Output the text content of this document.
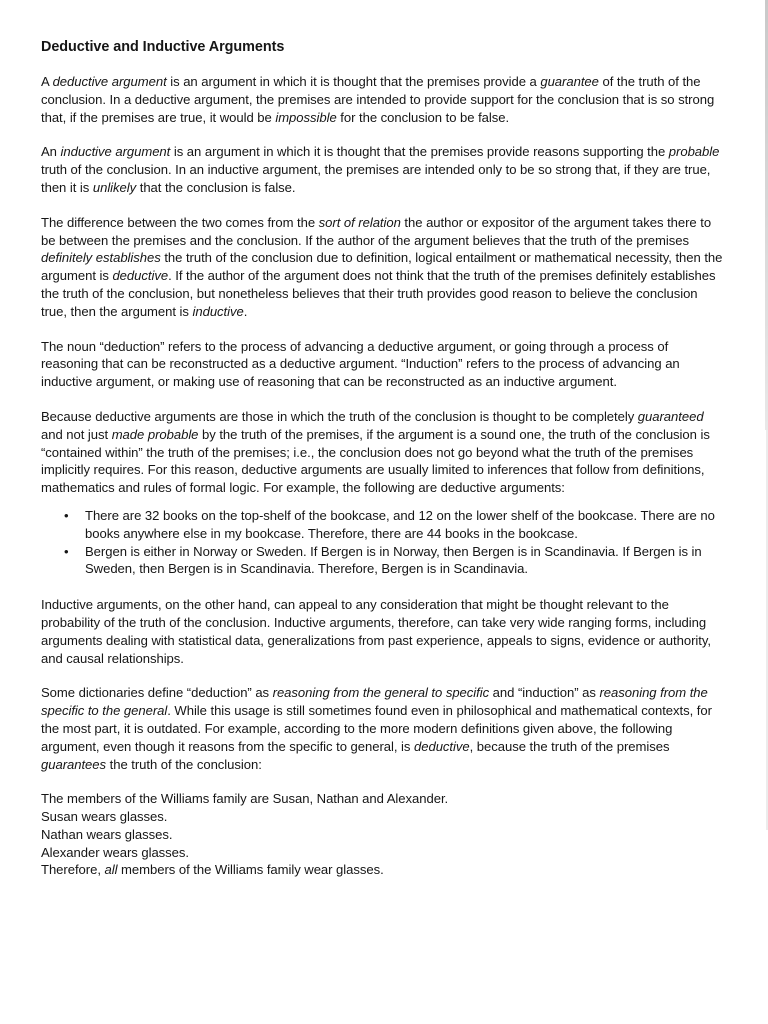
Deductive and Inductive Arguments

A deductive argument is an argument in which it is thought that the premises provide a guarantee of the truth of the conclusion. In a deductive argument, the premises are intended to provide support for the conclusion that is so strong that, if the premises are true, it would be impossible for the conclusion to be false.

An inductive argument is an argument in which it is thought that the premises provide reasons supporting the probable truth of the conclusion. In an inductive argument, the premises are intended only to be so strong that, if they are true, then it is unlikely that the conclusion is false.

The difference between the two comes from the sort of relation the author or expositor of the argument takes there to be between the premises and the conclusion. If the author of the argument believes that the truth of the premises definitely establishes the truth of the conclusion due to definition, logical entailment or mathematical necessity, then the argument is deductive. If the author of the argument does not think that the truth of the premises definitely establishes the truth of the conclusion, but nonetheless believes that their truth provides good reason to believe the conclusion true, then the argument is inductive.

The noun “deduction” refers to the process of advancing a deductive argument, or going through a process of reasoning that can be reconstructed as a deductive argument. “Induction” refers to the process of advancing an inductive argument, or making use of reasoning that can be reconstructed as an inductive argument.

Because deductive arguments are those in which the truth of the conclusion is thought to be completely guaranteed and not just made probable by the truth of the premises, if the argument is a sound one, the truth of the conclusion is “contained within” the truth of the premises; i.e., the conclusion does not go beyond what the truth of the premises implicitly requires. For this reason, deductive arguments are usually limited to inferences that follow from definitions, mathematics and rules of formal logic. For example, the following are deductive arguments:

• There are 32 books on the top-shelf of the bookcase, and 12 on the lower shelf of the bookcase. There are no books anywhere else in my bookcase. Therefore, there are 44 books in the bookcase.
• Bergen is either in Norway or Sweden. If Bergen is in Norway, then Bergen is in Scandinavia. If Bergen is in Sweden, then Bergen is in Scandinavia. Therefore, Bergen is in Scandinavia.

Inductive arguments, on the other hand, can appeal to any consideration that might be thought relevant to the probability of the truth of the conclusion. Inductive arguments, therefore, can take very wide ranging forms, including arguments dealing with statistical data, generalizations from past experience, appeals to signs, evidence or authority, and causal relationships.

Some dictionaries define “deduction” as reasoning from the general to specific and “induction” as reasoning from the specific to the general. While this usage is still sometimes found even in philosophical and mathematical contexts, for the most part, it is outdated. For example, according to the more modern definitions given above, the following argument, even though it reasons from the specific to general, is deductive, because the truth of the premises guarantees the truth of the conclusion:

The members of the Williams family are Susan, Nathan and Alexander.
Susan wears glasses.
Nathan wears glasses.
Alexander wears glasses.
Therefore, all members of the Williams family wear glasses.
